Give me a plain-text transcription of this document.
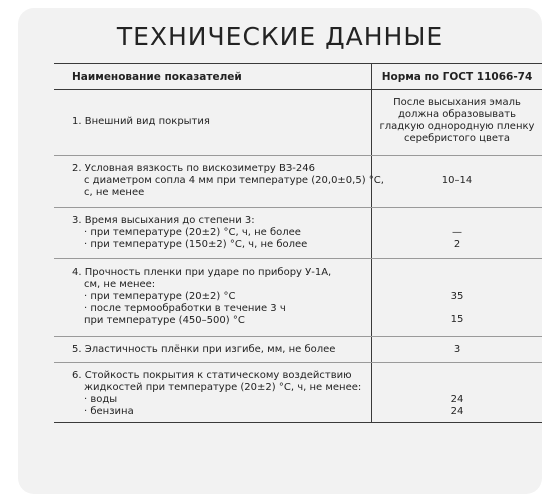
ТЕХНИЧЕСКИЕ ДАННЫЕ
Наименование показателей	Норма по ГОСТ 11066-74
1. Внешний вид покрытия
После высыхания эмаль
должна образовывать
гладкую однородную пленку
серебристого цвета
2. Условная вязкость по вискозиметру ВЗ-246
с диаметром сопла 4 мм при температуре (20,0±0,5) °С,
с, не менее
10–14
3. Время высыхания до степени 3:
· при температуре (20±2) °С, ч, не более
· при температуре (150±2) °С, ч, не более
—
2
4. Прочность пленки при ударе по прибору У-1А,
см, не менее:
· при температуре (20±2) °С
· после термообработки в течение 3 ч
при температуре (450–500) °С
35
15
5. Эластичность плёнки при изгибе, мм, не более	3
6. Стойкость покрытия к статическому воздействию
жидкостей при температуре (20±2) °С, ч, не менее:
· воды
· бензина
24
24
